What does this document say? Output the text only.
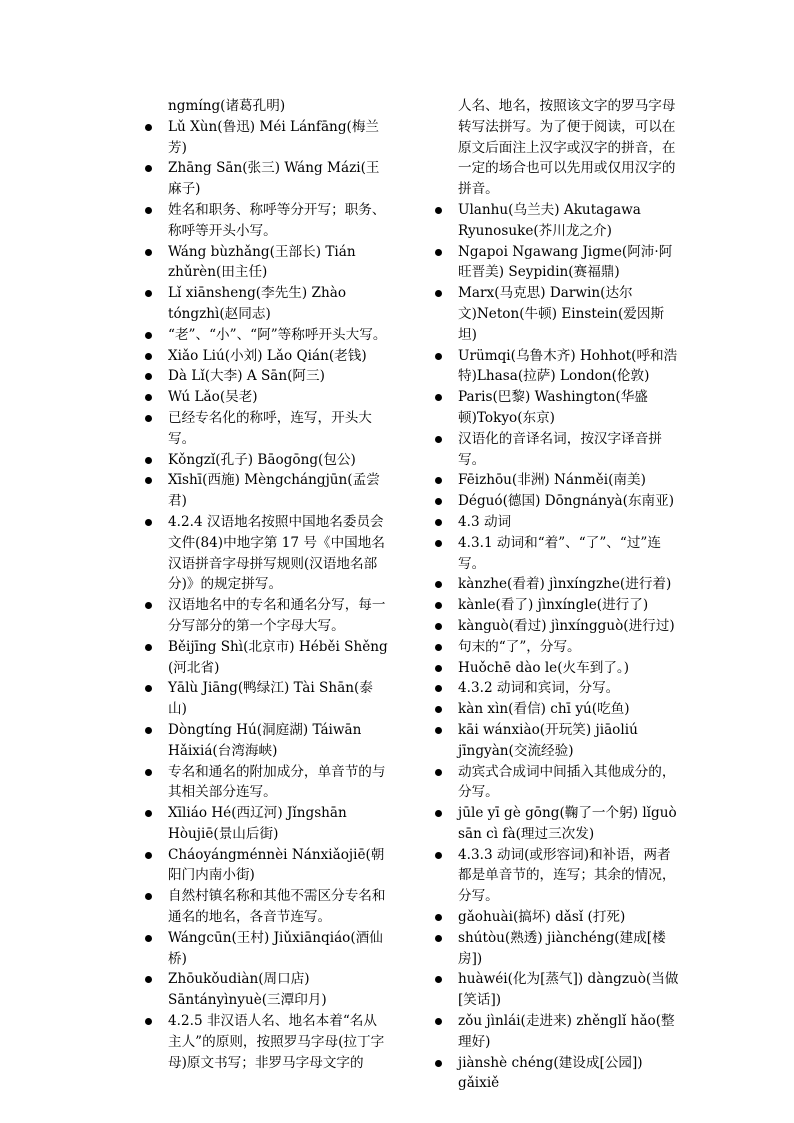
ngmíng(诸葛孔明)
Lǔ Xùn(鲁迅) Méi Lánfāng(梅兰芳)
Zhāng Sān(张三) Wáng Mázi(王麻子)
姓名和职务、称呼等分开写；职务、称呼等开头小写。
Wáng bùzhǎng(王部长) Tián zhǔrèn(田主任)
Lǐ xiānsheng(李先生) Zhào tóngzhì(赵同志)
“老”、“小”、“阿”等称呼开头大写。
Xiǎo Liú(小刘) Lǎo Qián(老钱)
Dà Lǐ(大李) A Sān(阿三)
Wú Lǎo(吴老)
已经专名化的称呼，连写，开头大写。
Kǒngzǐ(孔子) Bāogōng(包公)
Xīshī(西施) Mèngchángjūn(孟尝君)
4.2.4 汉语地名按照中国地名委员会文件(84)中地字第 17 号《中国地名汉语拼音字母拼写规则(汉语地名部分)》的规定拼写。
汉语地名中的专名和通名分写，每一分写部分的第一个字母大写。
Běijīng Shì(北京市) Héběi Shěng (河北省)
Yālù Jiāng(鸭绿江) Tài Shān(泰山)
Dòngtíng Hú(洞庭湖) Táiwān Hǎixiá(台湾海峡)
专名和通名的附加成分，单音节的与其相关部分连写。
Xīliáo Hé(西辽河) Jǐngshān Hòujiē(景山后街)
Cháoyángménnèi Nánxiǎojiē(朝阳门内南小街)
自然村镇名称和其他不需区分专名和通名的地名，各音节连写。
Wángcūn(王村) Jiǔxiānqiáo(酒仙桥)
Zhōukǒudiàn(周口店) Sāntányìnyuè(三潭印月)
4.2.5 非汉语人名、地名本着“名从主人”的原则，按照罗马字母(拉丁字母)原文书写；非罗马字母文字的
人名、地名，按照该文字的罗马字母转写法拼写。为了便于阅读，可以在原文后面注上汉字或汉字的拼音，在一定的场合也可以先用或仅用汉字的拼音。
Ulanhu(乌兰夫) Akutagawa Ryunosuke(芥川龙之介)
Ngapoi Ngawang Jigme(阿沛·阿旺晋美) Seypidin(赛福鼎)
Marx(马克思) Darwin(达尔文)Neton(牛顿) Einstein(爱因斯坦)
Urümqi(乌鲁木齐) Hohhot(呼和浩特)Lhasa(拉萨) London(伦敦)
Paris(巴黎) Washington(华盛顿)Tokyo(东京)
汉语化的音译名词，按汉字译音拼写。
Fēizhōu(非洲) Nánměi(南美)
Déguó(德国) Dōngnányà(东南亚)
4.3 动词
4.3.1 动词和“着”、“了”、“过”连写。
kànzhe(看着) jìnxíngzhe(进行着)
kànle(看了) jìnxíngle(进行了)
kànguò(看过) jìnxíngguò(进行过)
句末的“了”，分写。
Huǒchē dào le(火车到了。)
4.3.2 动词和宾词，分写。
kàn xìn(看信) chī yú(吃鱼)
kāi wánxiào(开玩笑) jiāoliú jīngyàn(交流经验)
动宾式合成词中间插入其他成分的，分写。
jūle yī gè gōng(鞠了一个躬) lǐguò sān cì fà(理过三次发)
4.3.3 动词(或形容词)和补语，两者都是单音节的，连写；其余的情况，分写。
gǎohuài(搞坏) dǎsǐ (打死)
shútòu(熟透) jiànchéng(建成[楼房])
huàwéi(化为[蒸气]) dàngzuò(当做[笑话])
zǒu jìnlái(走进来) zhěnglǐ hǎo(整理好)
jiànshè chéng(建设成[公园]) gǎixiě
